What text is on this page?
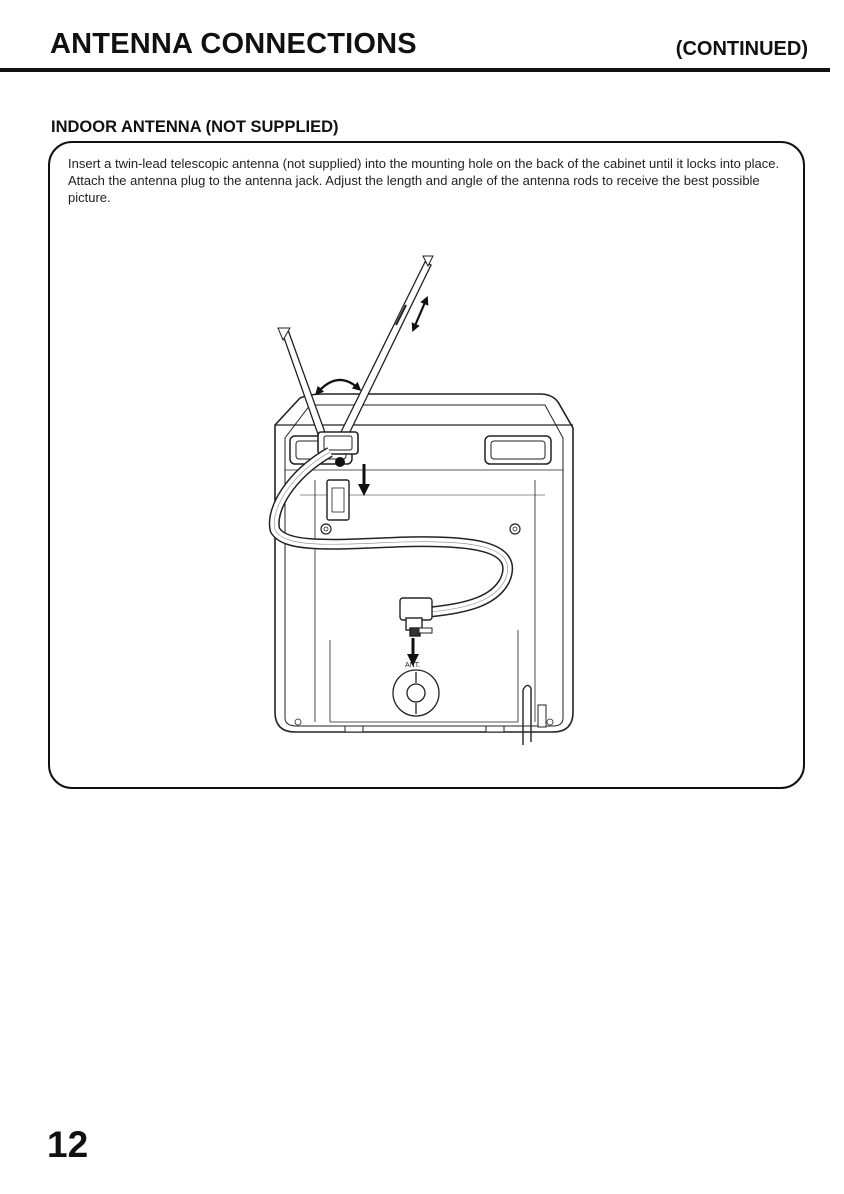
ANTENNA CONNECTIONS	(CONTINUED)
INDOOR ANTENNA (NOT SUPPLIED)

Insert a twin-lead telescopic antenna (not supplied) into the mounting hole on the back of the cabinet until it locks into place. Attach the antenna plug to the antenna jack. Adjust the length and angle of the antenna rods to receive the best possible picture.

ANT.
12
